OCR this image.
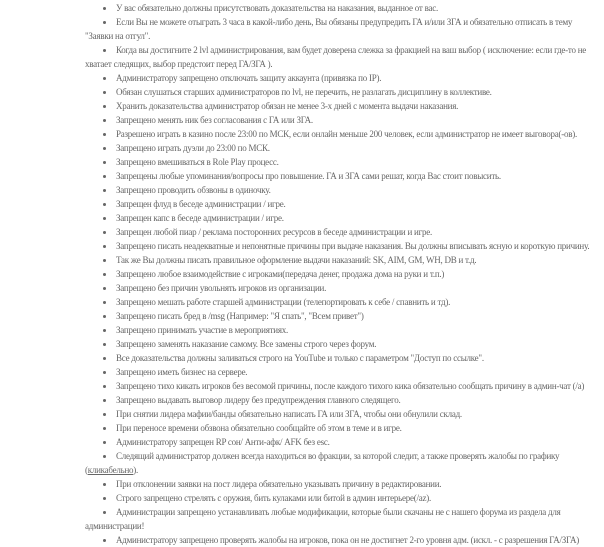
• У вас обязательно должны присутствовать доказательства на наказания, выданное от вас.
• Если Вы не можете отыграть 3 часа в какой-либо день, Вы обязаны предупредить ГА и/или ЗГА и обязательно отписать в тему "Заявки на отгул".
• Когда вы достигните 2 lvl администрирования, вам будет доверена слежка за фракцией на ваш выбор ( исключение: если где-то не хватает следящих, выбор предстоит перед ГА/ЗГА ).
• Администратору запрещено отключать защиту аккаунта (привязка по IP).
• Обязан слушаться старших администраторов по lvl, не перечить, не разлагать дисциплину в коллективе.
• Хранить доказательства администратор обязан не менее 3-х дней с момента выдачи наказания.
• Запрещено менять ник без согласования с ГА или ЗГА.
• Разрешено играть в казино после 23:00 по МСК, если онлайн меньше 200 человек, если администратор не имеет выговора(-ов).
• Запрещено играть дуэли до 23:00 по МСК.
• Запрещено вмешиваться в Role Play процесс.
• Запрещены любые упоминания/вопросы про повышение. ГА и ЗГА сами решат, когда Вас стоит повысить.
• Запрещено проводить обзвоны в одиночку.
• Запрещен флуд в беседе администрации / игре.
• Запрещен капс в беседе администрации / игре.
• Запрещен любой пиар / реклама посторонних ресурсов в беседе администрации и игре.
• Запрещено писать неадекватные и непонятные причины при выдаче наказания. Вы должны вписывать ясную и короткую причину.
• Так же Вы должны писать правильное оформление выдачи наказаний: SK, AIM, GM, WH, DB и т.д.
• Запрещено любое взаимодействие с игроками(передача денег, продажа дома на руки и т.п.)
• Запрещено без причин увольнять игроков из организации.
• Запрещено мешать работе старшей администрации (телепортировать к себе / спавнить и тд).
• Запрещено писать бред в /msg (Например: "Я спать", "Всем привет")
• Запрещено принимать участие в мероприятиях.
• Запрещено заменять наказание самому. Все замены строго через форум.
• Все доказательства должны заливаться строго на YouTube и только с параметром "Доступ по ссылке".
• Запрещено иметь бизнес на сервере.
• Запрещено тихо кикать игроков без весомой причины, после каждого тихого кика обязательно сообщать причину в админ-чат (/a)
• Запрещено выдавать выговор лидеру без предупреждения главного следящего.
• При снятии лидера мафии/банды обязательно написать ГА или ЗГА, чтобы они обнулили склад.
• При переносе времени обзвона обязательно сообщайте об этом в теме и в игре.
• Администратору запрещен RP сон/ Анти-афк/ AFK без esc.
• Следящий администратор должен всегда находиться во фракции, за которой следит, а также проверять жалобы по графику (кликабельно).
• При отклонении заявки на пост лидера обязательно указывать причину в редактировании.
• Строго запрещено стрелять с оружия, бить кулаками или битой в админ интерьере(/az).
• Администрации запрещено устанавливать любые модификации, которые были скачаны не с нашего форума из раздела для администрации!
• Администратору запрещено проверять жалобы на игроков, пока он не достигнет 2-го уровня адм. (искл. - с разрешения ГА/ЗГА)
